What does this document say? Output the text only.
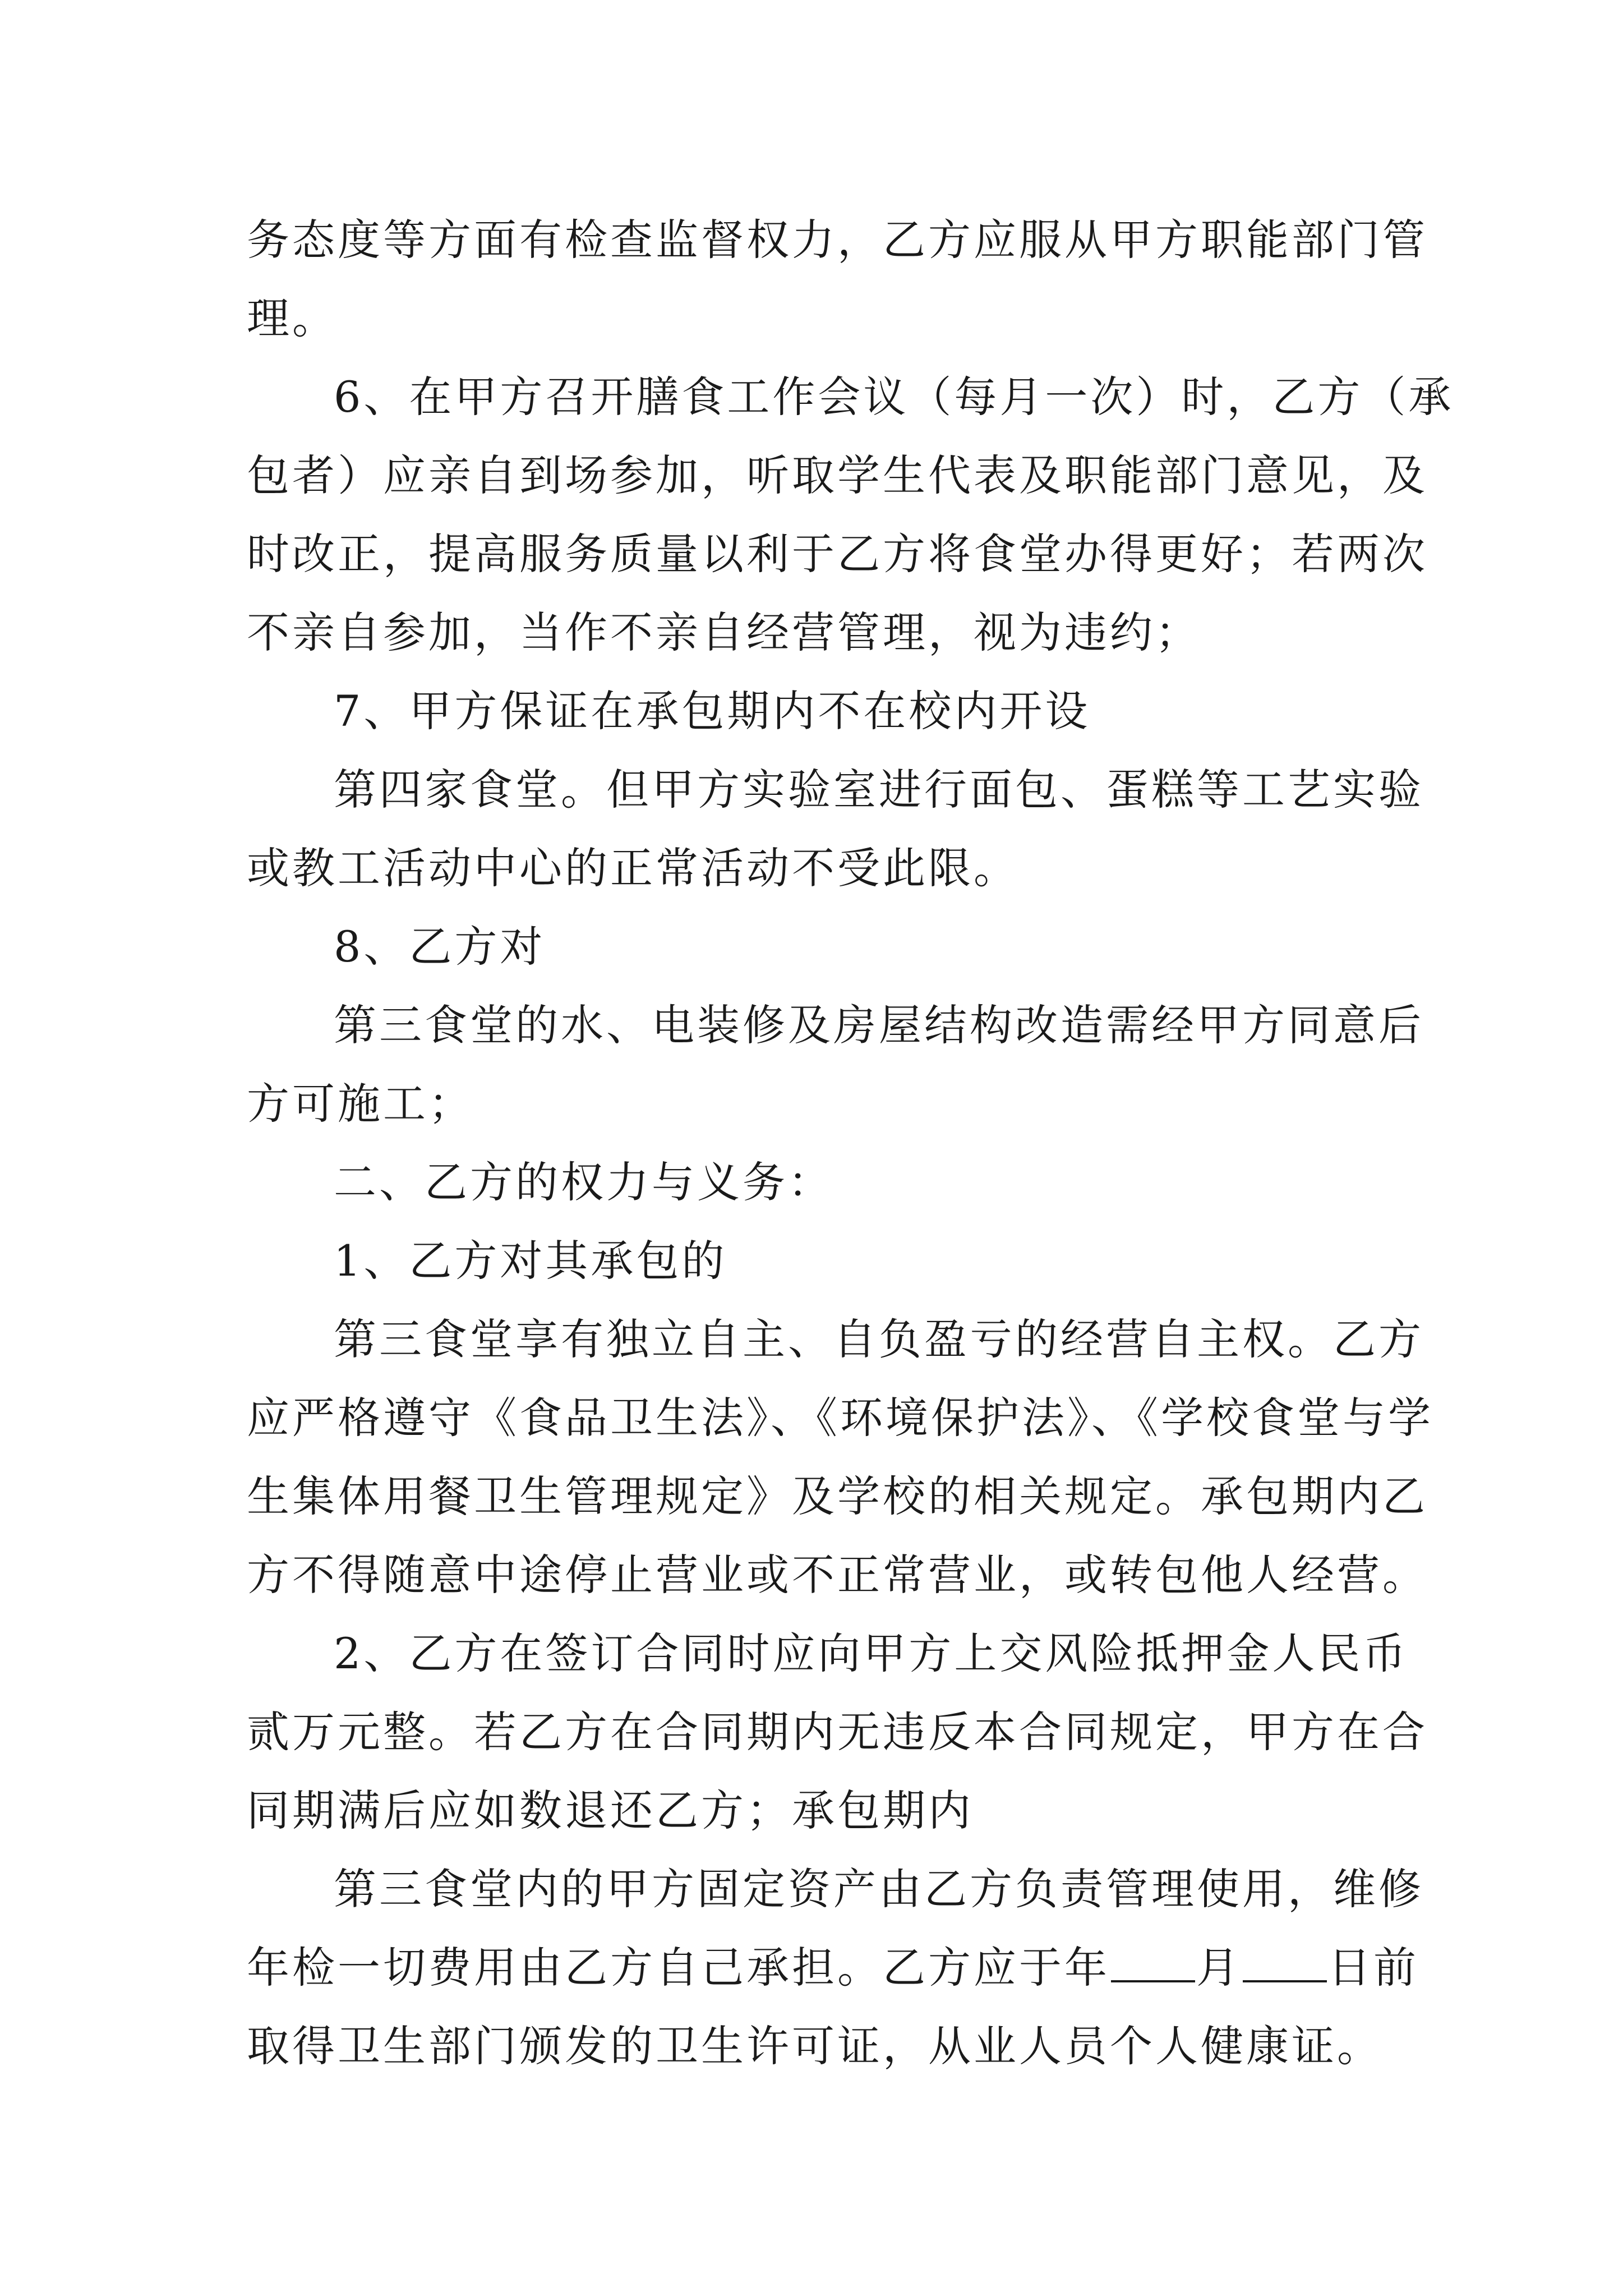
务态度等方面有检查监督权力，乙方应服从甲方职能部门管
理。
6、在甲方召开膳食工作会议（每月一次）时，乙方（承
包者）应亲自到场参加，听取学生代表及职能部门意见，及
时改正，提高服务质量以利于乙方将食堂办得更好；若两次
不亲自参加，当作不亲自经营管理，视为违约；
7、甲方保证在承包期内不在校内开设
第四家食堂。但甲方实验室进行面包、蛋糕等工艺实验
或教工活动中心的正常活动不受此限。
8、乙方对
第三食堂的水、电装修及房屋结构改造需经甲方同意后
方可施工；
二、乙方的权力与义务：
1、乙方对其承包的
第三食堂享有独立自主、自负盈亏的经营自主权。乙方
应严格遵守《食品卫生法》、《环境保护法》、《学校食堂与学
生集体用餐卫生管理规定》及学校的相关规定。承包期内乙
方不得随意中途停止营业或不正常营业，或转包他人经营。
2、乙方在签订合同时应向甲方上交风险抵押金人民币
贰万元整。若乙方在合同期内无违反本合同规定，甲方在合
同期满后应如数退还乙方；承包期内
第三食堂内的甲方固定资产由乙方负责管理使用，维修
年检一切费用由乙方自己承担。乙方应于年 月 日前
取得卫生部门颁发的卫生许可证，从业人员个人健康证。
